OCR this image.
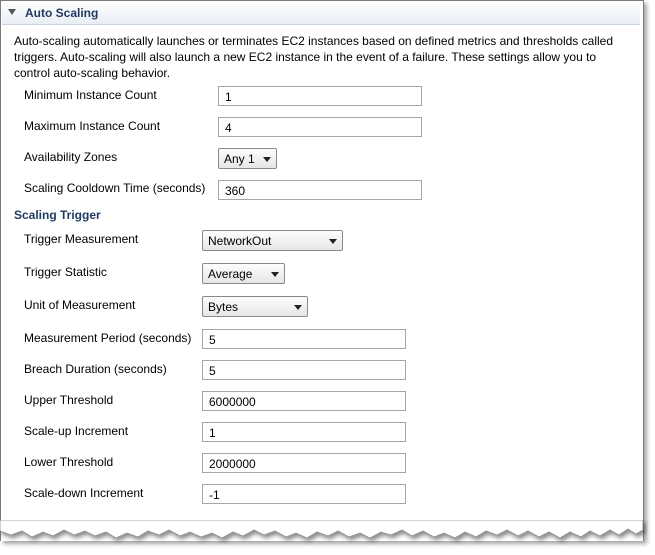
Auto Scaling
Auto-scaling automatically launches or terminates EC2 instances based on defined metrics and thresholds called triggers. Auto-scaling will also launch a new EC2 instance in the event of a failure. These settings allow you to control auto-scaling behavior.
Minimum Instance Count	1
Maximum Instance Count	4
Availability Zones	Any 1
Scaling Cooldown Time (seconds)	360
Scaling Trigger
Trigger Measurement	NetworkOut
Trigger Statistic	Average
Unit of Measurement	Bytes
Measurement Period (seconds)	5
Breach Duration (seconds)	5
Upper Threshold	6000000
Scale-up Increment	1
Lower Threshold	2000000
Scale-down Increment	-1
